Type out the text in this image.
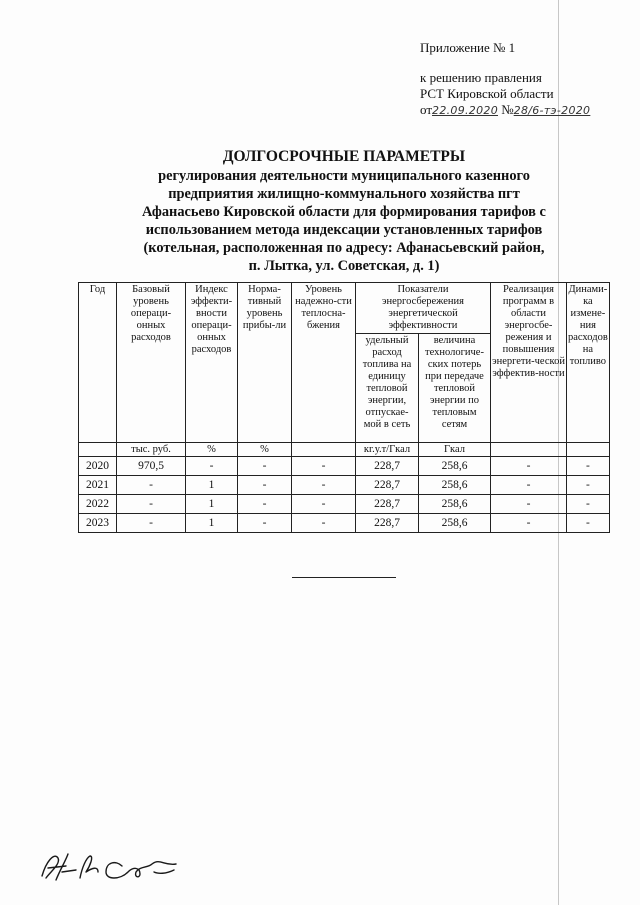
Приложение № 1
к решению правления
РСТ Кировской области
от22.09.2020 №28/6-тэ-2020
ДОЛГОСРОЧНЫЕ ПАРАМЕТРЫ
регулирования деятельности муниципального казенного
предприятия жилищно-коммунального хозяйства пгт
Афанасьево Кировской области для формирования тарифов с
использованием метода индексации установленных тарифов
(котельная, расположенная по адресу: Афанасьевский район,
п. Лытка, ул. Советская, д. 1)
Год	Базовый уровень операци-онных расходов	Индекс эффекти-вности операци-онных расходов	Норма-тивный уровень прибы-ли	Уровень надежно-сти теплосна-бжения	Показатели энергосбережения энергетической эффективности		Реализация программ в области энергосбе-режения и повышения энергети-ческой эффектив-ности	Динами-ка измене-ния расходов на топливо
					удельный расход топлива на единицу тепловой энергии, отпускае-мой в сеть	величина технологиче-ских потерь при передаче тепловой энергии по тепловым сетям		
	тыс. руб.	%	%		кг.у.т/Гкал	Гкал		
2020	970,5	-	-	-	228,7	258,6	-	-
2021	-	1	-	-	228,7	258,6	-	-
2022	-	1	-	-	228,7	258,6	-	-
2023	-	1	-	-	228,7	258,6	-	-
